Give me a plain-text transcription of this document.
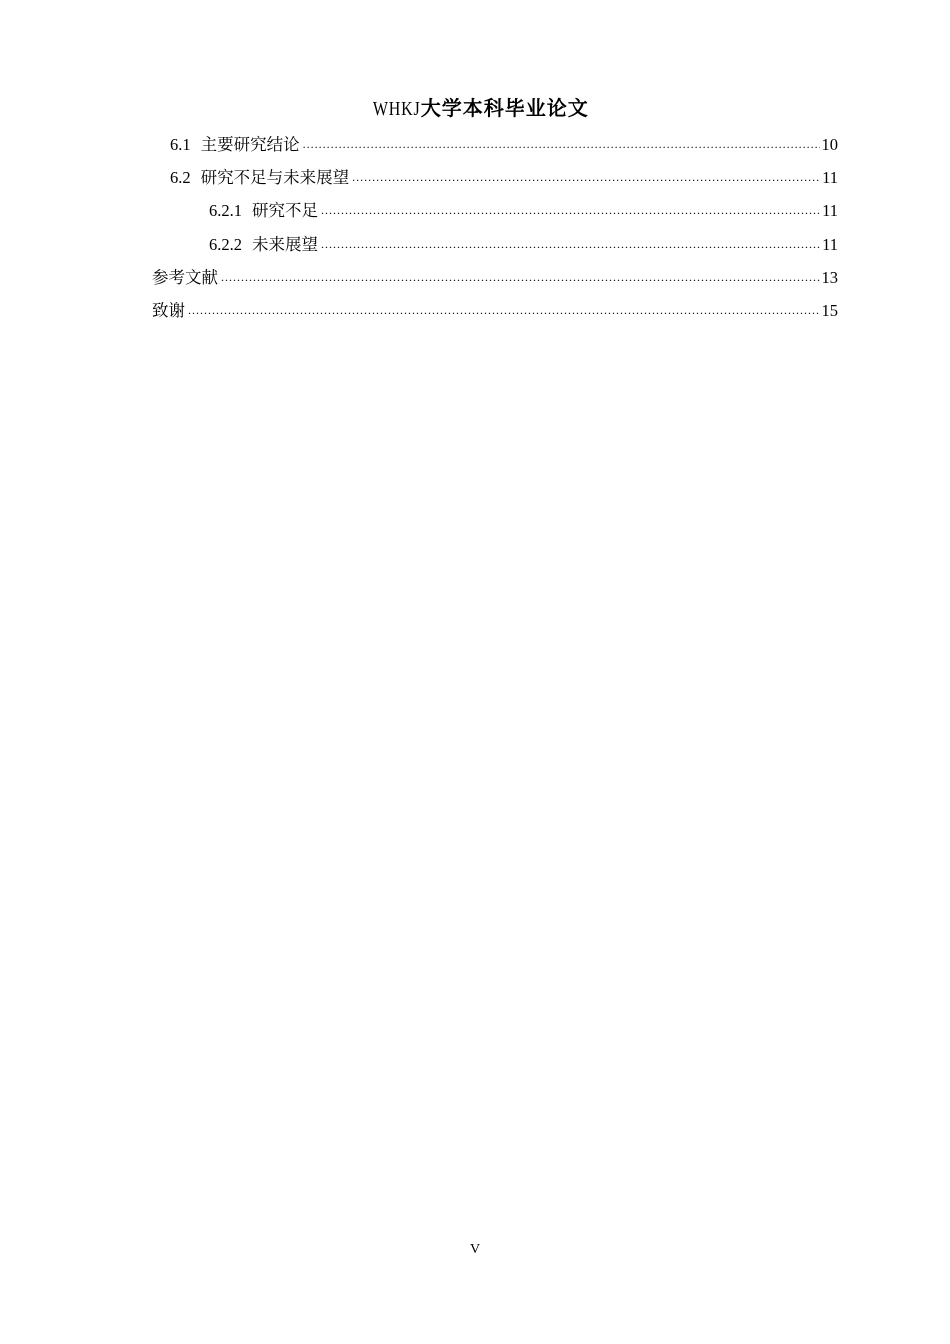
WHKJ大学本科毕业论文
6.1 主要研究结论 .....	10
6.2 研究不足与未来展望 .....	11
6.2.1 研究不足 .....	11
6.2.2 未来展望 .....	11
参考文献 .....	13
致谢 .....	15
V
